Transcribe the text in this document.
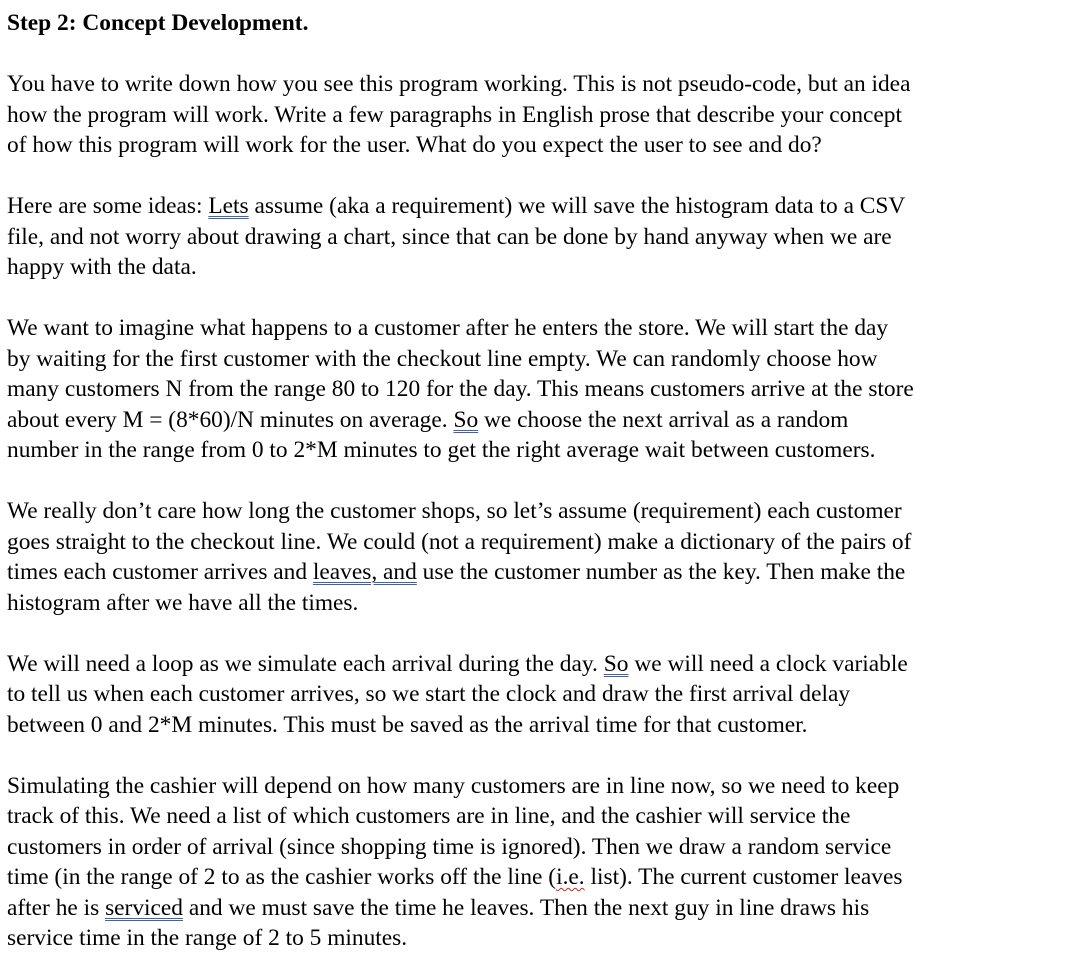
Step 2: Concept Development.
You have to write down how you see this program working. This is not pseudo-code, but an idea
how the program will work. Write a few paragraphs in English prose that describe your concept
of how this program will work for the user. What do you expect the user to see and do?
Here are some ideas: Lets assume (aka a requirement) we will save the histogram data to a CSV
file, and not worry about drawing a chart, since that can be done by hand anyway when we are
happy with the data.
We want to imagine what happens to a customer after he enters the store. We will start the day
by waiting for the first customer with the checkout line empty. We can randomly choose how
many customers N from the range 80 to 120 for the day. This means customers arrive at the store
about every M = (8*60)/N minutes on average. So we choose the next arrival as a random
number in the range from 0 to 2*M minutes to get the right average wait between customers.
We really don’t care how long the customer shops, so let’s assume (requirement) each customer
goes straight to the checkout line. We could (not a requirement) make a dictionary of the pairs of
times each customer arrives and leaves, and use the customer number as the key. Then make the
histogram after we have all the times.
We will need a loop as we simulate each arrival during the day. So we will need a clock variable
to tell us when each customer arrives, so we start the clock and draw the first arrival delay
between 0 and 2*M minutes. This must be saved as the arrival time for that customer.
Simulating the cashier will depend on how many customers are in line now, so we need to keep
track of this. We need a list of which customers are in line, and the cashier will service the
customers in order of arrival (since shopping time is ignored). Then we draw a random service
time (in the range of 2 to as the cashier works off the line (i.e. list). The current customer leaves
after he is serviced and we must save the time he leaves. Then the next guy in line draws his
service time in the range of 2 to 5 minutes.
